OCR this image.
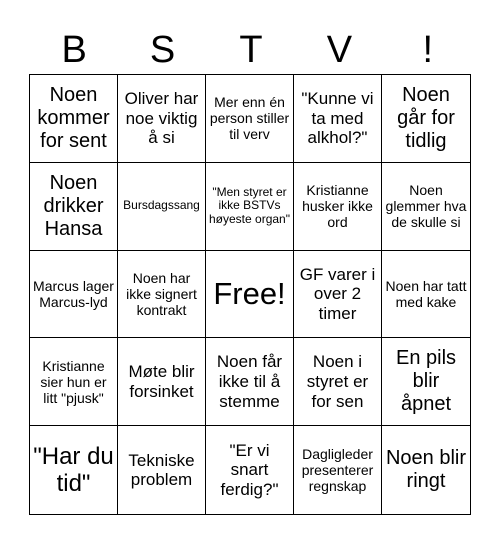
B	S	T	V	!
Noen kommer for sent
Oliver har noe viktig å si
Mer enn én person stiller til verv
"Kunne vi ta med alkhol?"
Noen går for tidlig
Noen drikker Hansa
Bursdagssang
"Men styret er ikke BSTVs høyeste organ"
Kristianne husker ikke ord
Noen glemmer hva de skulle si
Marcus lager Marcus-lyd
Noen har ikke signert kontrakt Free!
GF varer i over 2 timer
Noen har tatt med kake
Kristianne sier hun er litt "pjusk"
Møte blir forsinket
Noen får ikke til å stemme
Noen i styret er for sen
En pils blir åpnet
"Har du tid"
Tekniske problem
"Er vi snart ferdig?"
Dagligleder presenterer regnskap
Noen blir ringt
